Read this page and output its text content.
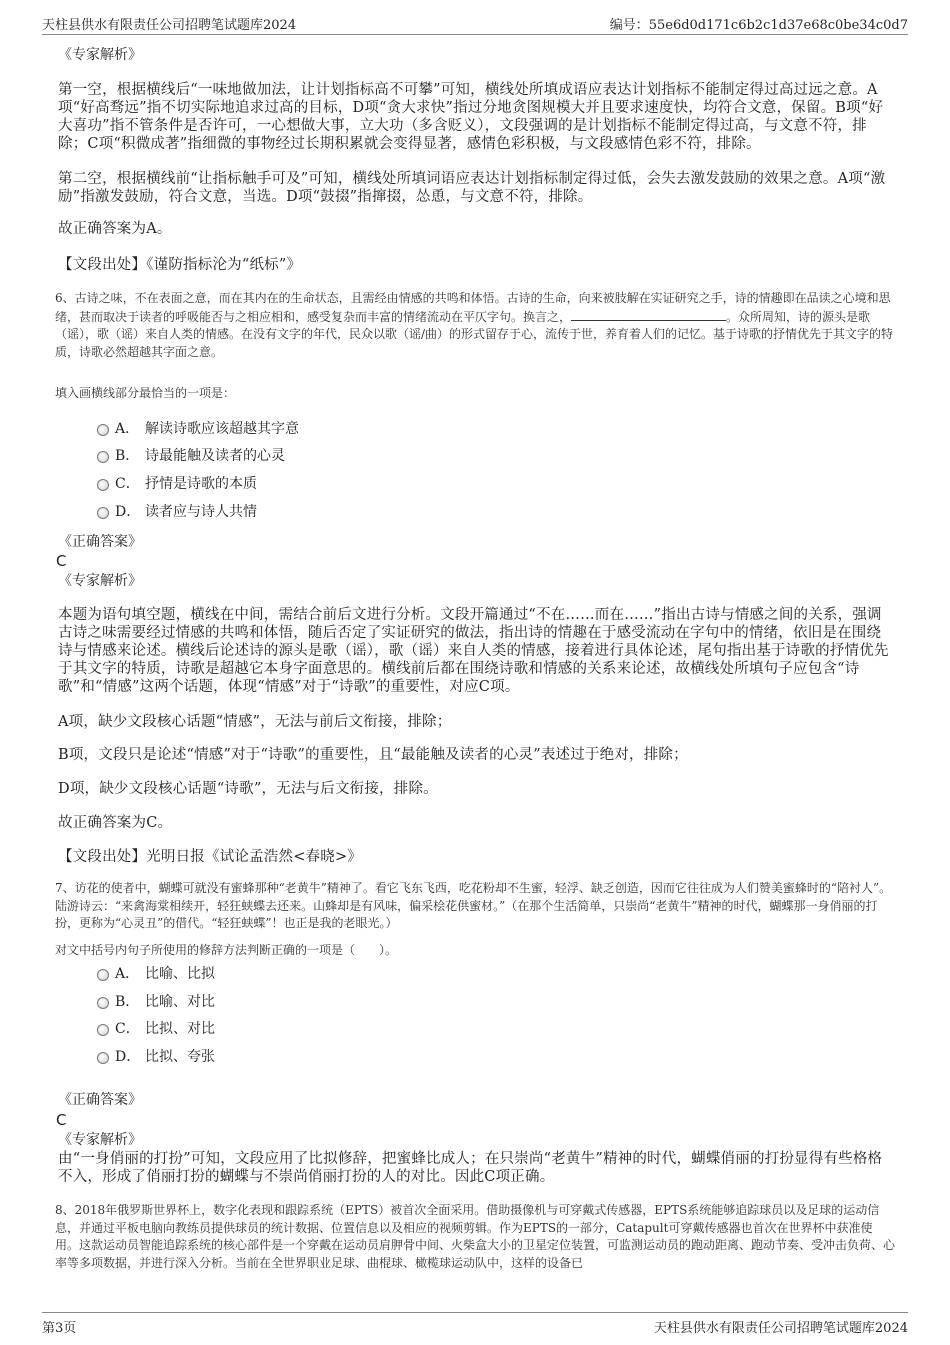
天柱县供水有限责任公司招聘笔试题库2024	编号：55e6d0d171c6b2c1d37e68c0be34c0d7
《专家解析》

第一空，根据横线后“一味地做加法，让计划指标高不可攀”可知，横线处所填成语应表达计划指标不能制定得过高过远之意。A项“好高骛远”指不切实际地追求过高的目标，D项“贪大求快”指过分地贪图规模大并且要求速度快，均符合文意，保留。B项“好大喜功”指不管条件是否许可，一心想做大事，立大功（多含贬义），文段强调的是计划指标不能制定得过高，与文意不符，排除；C项“积微成著”指细微的事物经过长期积累就会变得显著，感情色彩积极，与文段感情色彩不符，排除。

第二空，根据横线前“让指标触手可及”可知，横线处所填词语应表达计划指标制定得过低，会失去激发鼓励的效果之意。A项“激励”指激发鼓励，符合文意，当选。D项“鼓掇”指撺掇，怂恿，与文意不符，排除。

故正确答案为A。

【文段出处】《谨防指标沦为“纸标”》

6、古诗之味，不在表面之意，而在其内在的生命状态，且需经由情感的共鸣和体悟。古诗的生命，向来被肢解在实证研究之手，诗的情趣即在品读之心境和思绪，甚而取决于读者的呼吸能否与之相应相和，感受复杂而丰富的情绪流动在平仄字句。换言之，	。众所周知，诗的源头是歌（谣），歌（谣）来自人类的情感。在没有文字的年代，民众以歌（谣/曲）的形式留存于心，流传于世，养育着人们的记忆。基于诗歌的抒情优先于其文字的特质，诗歌必然超越其字面之意。

填入画横线部分最恰当的一项是：

A． 解读诗歌应该超越其字意
B． 诗最能触及读者的心灵
C． 抒情是诗歌的本质
D． 读者应与诗人共情
《正确答案》
C
《专家解析》

本题为语句填空题，横线在中间，需结合前后文进行分析。文段开篇通过“不在……而在……”指出古诗与情感之间的关系，强调古诗之味需要经过情感的共鸣和体悟，随后否定了实证研究的做法，指出诗的情趣在于感受流动在字句中的情绪，依旧是在围绕诗与情感来论述。横线后论述诗的源头是歌（谣），歌（谣）来自人类的情感，接着进行具体论述，尾句指出基于诗歌的抒情优先于其文字的特质，诗歌是超越它本身字面意思的。横线前后都在围绕诗歌和情感的关系来论述，故横线处所填句子应包含“诗歌”和“情感”这两个话题，体现“情感”对于“诗歌”的重要性，对应C项。

A项，缺少文段核心话题“情感”，无法与前后文衔接，排除；

B项，文段只是论述“情感”对于“诗歌”的重要性，且“最能触及读者的心灵”表述过于绝对，排除；

D项，缺少文段核心话题“诗歌”，无法与后文衔接，排除。

故正确答案为C。

【文段出处】光明日报《试论孟浩然<春晓>》

7、访花的使者中，蝴蝶可就没有蜜蜂那种“老黄牛”精神了。看它飞东飞西，吃花粉却不生蜜，轻浮、缺乏创造，因而它往往成为人们赞美蜜蜂时的“陪衬人”。陆游诗云：“来禽海棠相续开，轻狂蛱蝶去还来。山蜂却是有风味，偏采桧花供蜜材。”（在那个生活简单，只崇尚“老黄牛”精神的时代，蝴蝶那一身俏丽的打扮，更称为“心灵丑”的借代。“轻狂蛱蝶”！也正是我的老眼光。）

对文中括号内句子所使用的修辞方法判断正确的一项是（　　）。

A． 比喻、比拟
B． 比喻、对比
C． 比拟、对比
D． 比拟、夸张
《正确答案》
C
《专家解析》

由“一身俏丽的打扮”可知，文段应用了比拟修辞，把蜜蜂比成人；在只崇尚“老黄牛”精神的时代，蝴蝶俏丽的打扮显得有些格格不入，形成了俏丽打扮的蝴蝶与不崇尚俏丽打扮的人的对比。因此C项正确。

8、2018年俄罗斯世界杯上，数字化表现和跟踪系统（EPTS）被首次全面采用。借助摄像机与可穿戴式传感器，EPTS系统能够追踪球员以及足球的运动信息，并通过平板电脑向教练员提供球员的统计数据、位置信息以及相应的视频剪辑。作为EPTS的一部分，Catapult可穿戴传感器也首次在世界杯中获准使用。这款运动员智能追踪系统的核心部件是一个穿戴在运动员肩胛骨中间、火柴盒大小的卫星定位装置，可监测运动员的跑动距离、跑动节奏、受冲击负荷、心率等多项数据，并进行深入分析。当前在全世界职业足球、曲棍球、橄榄球运动队中，这样的设备已

第3页	天柱县供水有限责任公司招聘笔试题库2024
